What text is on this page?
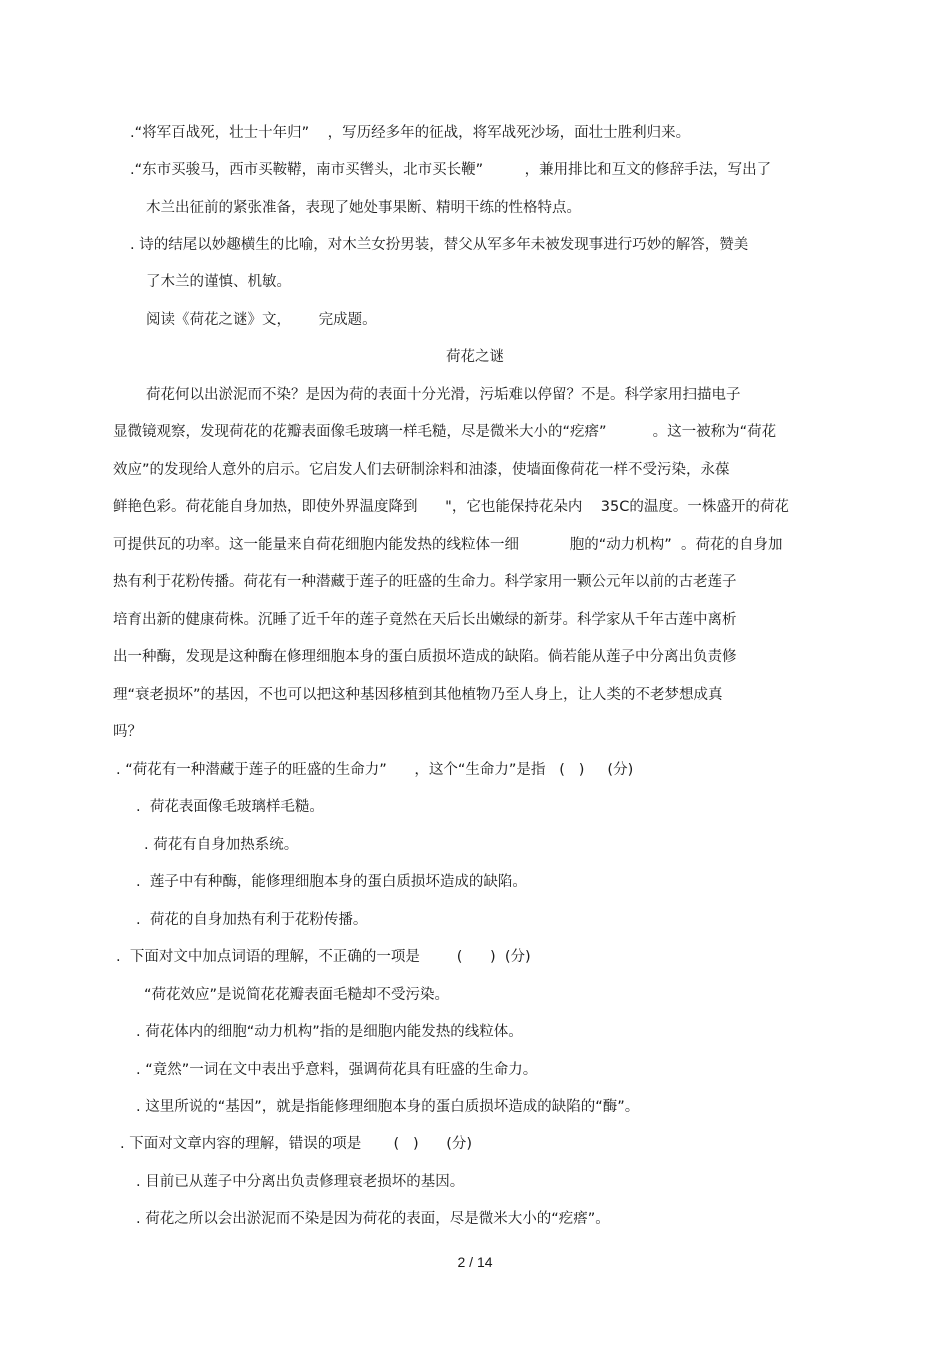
.“将军百战死，壮士十年归”    ，写历经多年的征战，将军战死沙场，面壮士胜利归来。
.“东市买骏马，西市买鞍鞯，南市买辔头，北市买长鞭”         ，兼用排比和互文的修辞手法，写出了
木兰出征前的紧张准备，表现了她处事果断、精明干练的性格特点。
. 诗的结尾以妙趣横生的比喻，对木兰女扮男装，替父从军多年未被发现事进行巧妙的解答，赞美
了木兰的谨慎、机敏。
阅读《荷花之谜》文，      完成题。
荷花之谜
荷花何以出淤泥而不染？是因为荷的表面十分光滑，污垢难以停留？不是。科学家用扫描电子
显微镜观察，发现荷花的花瓣表面像毛玻璃一样毛糙，尽是微米大小的“疙瘩”          。这一被称为“荷花
效应”的发现给人意外的启示。它启发人们去研制涂料和油漆，使墙面像荷花一样不受污染，永葆
鲜艳色彩。荷花能自身加热，即使外界温度降到      "，它也能保持花朵内    35C的温度。一株盛开的荷花
可提供瓦的功率。这一能量来自荷花细胞内能发热的线粒体一细           胞的“动力机构”  。荷花的自身加
热有利于花粉传播。荷花有一种潜藏于莲子的旺盛的生命力。科学家用一颗公元年以前的古老莲子
培育出新的健康荷株。沉睡了近千年的莲子竟然在天后长出嫩绿的新芽。科学家从千年古莲中离析
出一种酶，发现是这种酶在修理细胞本身的蛋白质损坏造成的缺陷。倘若能从莲子中分离出负责修
理“衰老损坏”的基因，不也可以把这种基因移植到其他植物乃至人身上，让人类的不老梦想成真
吗？
. “荷花有一种潜藏于莲子的旺盛的生命力”      ，这个“生命力”是指   (   )     (分)
.  荷花表面像毛玻璃样毛糙。
. 荷花有自身加热系统。
.  莲子中有种酶，能修理细胞本身的蛋白质损坏造成的缺陷。
.  荷花的自身加热有利于花粉传播。
.  下面对文中加点词语的理解，不正确的一项是        (      )  (分)
“荷花效应”是说简花花瓣表面毛糙却不受污染。
. 荷花体内的细胞“动力机构”指的是细胞内能发热的线粒体。
. “竟然”一词在文中表出乎意料，强调荷花具有旺盛的生命力。
. 这里所说的“基因”，就是指能修理细胞本身的蛋白质损坏造成的缺陷的“酶”。
. 下面对文章内容的理解，错误的项是       (   )      (分)
. 目前已从莲子中分离出负责修理衰老损坏的基因。
. 荷花之所以会出淤泥而不染是因为荷花的表面，尽是微米大小的“疙瘩”。
2 / 14
